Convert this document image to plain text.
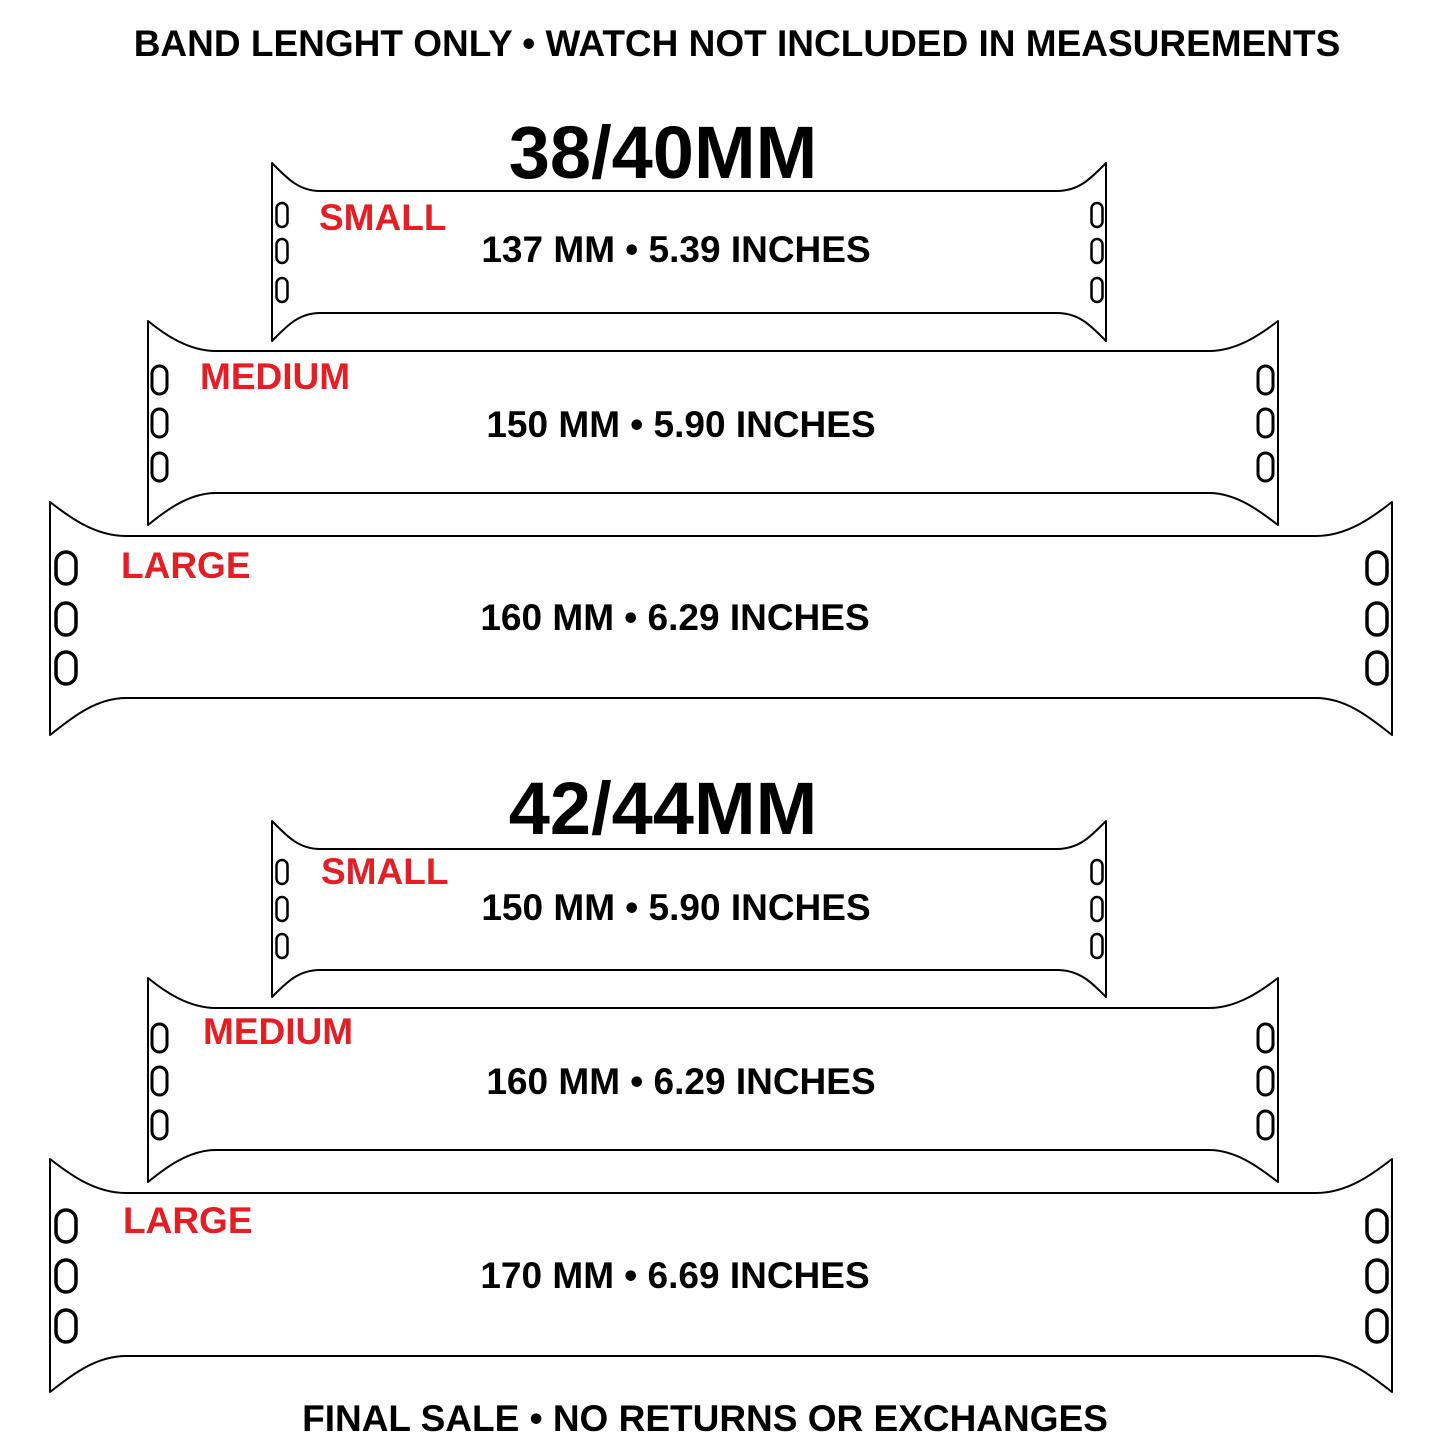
BAND LENGHT ONLY • WATCH NOT INCLUDED IN MEASUREMENTS
38/40MM
SMALL
137 MM • 5.39 INCHES
MEDIUM
150 MM • 5.90 INCHES
LARGE
160 MM • 6.29 INCHES
42/44MM
SMALL
150 MM • 5.90 INCHES
MEDIUM
160 MM • 6.29 INCHES
LARGE
170 MM • 6.69 INCHES
FINAL SALE • NO RETURNS OR EXCHANGES
